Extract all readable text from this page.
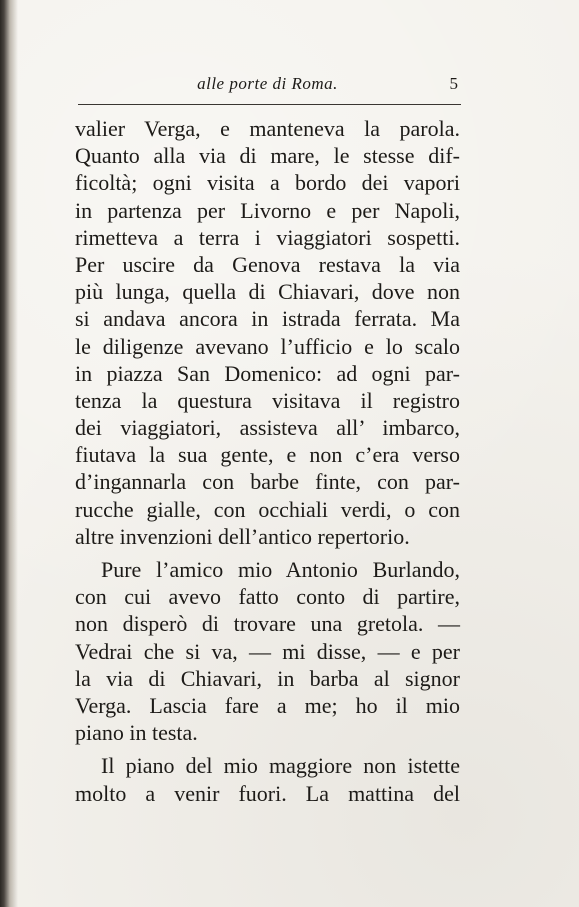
alle porte di Roma.	5
valier Verga, e manteneva la parola.
Quanto alla via di mare, le stesse dif-
ficoltà; ogni visita a bordo dei vapori
in partenza per Livorno e per Napoli,
rimetteva a terra i viaggiatori sospetti.
Per uscire da Genova restava la via
più lunga, quella di Chiavari, dove non
si andava ancora in istrada ferrata. Ma
le diligenze avevano l’ufficio e lo scalo
in piazza San Domenico: ad ogni par-
tenza la questura visitava il registro
dei viaggiatori, assisteva all’ imbarco,
fiutava la sua gente, e non c’era verso
d’ingannarla con barbe finte, con par-
rucche gialle, con occhiali verdi, o con
altre invenzioni dell’antico repertorio.
Pure l’amico mio Antonio Burlando,
con cui avevo fatto conto di partire,
non disperò di trovare una gretola. —
Vedrai che si va, — mi disse, — e per
la via di Chiavari, in barba al signor
Verga. Lascia fare a me; ho il mio
piano in testa.
Il piano del mio maggiore non istette
molto a venir fuori. La mattina del
